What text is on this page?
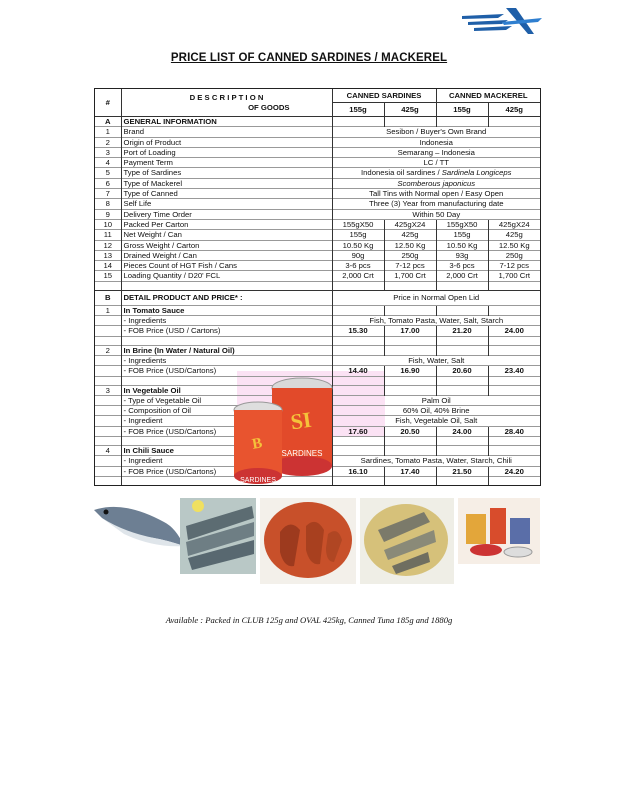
PRICE LIST OF CANNED SARDINES / MACKEREL
#	D E S C R I P T I O N
OF GOODS	CANNED SARDINES		CANNED MACKEREL	
		155g	425g	155g	425g
A	GENERAL INFORMATION				
1	Brand	Sesibon / Buyer's Own Brand			
2	Origin of Product	Indonesia			
3	Port of Loading	Semarang – Indonesia			
4	Payment Term	LC / TT			
5	Type of Sardines	Indonesia oil sardines / Sardinela Longiceps			
6	Type of Mackerel	Scomberous japonicus			
7	Type of Canned	Tall Tins with Normal open / Easy Open			
8	Self Life	Three (3) Year from manufacturing date			
9	Delivery Time Order	Within 50 Day			
10	Packed Per Carton	155gX50	425gX24	155gX50	425gX24
11	Net Weight / Can	155g	425g	155g	425g
12	Gross Weight / Carton	10.50 Kg	12.50 Kg	10.50 Kg	12.50 Kg
13	Drained Weight / Can	90g	250g	93g	250g
14	Pieces Count of HGT Fish / Cans	3-6 pcs	7-12 pcs	3-6 pcs	7-12 pcs
15	Loading Quantity / D20' FCL	2,000 Crt	1,700 Crt	2,000 Crt	1,700 Crt

B	DETAIL PRODUCT AND PRICE* :	Price in Normal Open Lid			
1	In Tomato Sauce				
	- Ingredients	Fish, Tomato Pasta, Water, Salt, Starch			
	- FOB Price (USD / Cartons)	15.30	17.00	21.20	24.00

2	In Brine (In Water / Natural Oil)				
	- Ingredients	Fish, Water, Salt			
	- FOB Price (USD/Cartons)	14.40	16.90	20.60	23.40

3	In Vegetable Oil				
	- Type of Vegetable Oil	Palm Oil			
	- Composition of Oil	60% Oil, 40% Brine			
	- Ingredient	Fish, Vegetable Oil, Salt			
	- FOB Price (USD/Cartons)	17.60	20.50	24.00	28.40

4	In Chili Sauce				
	- Ingredient	Sardines, Tomato Pasta, Water, Starch, Chili			
	- FOB Price (USD/Cartons)	16.10	17.40	21.50	24.20

SI
SARDINES
B
SARDINES
Available : Packed in CLUB 125g and OVAL 425kg, Canned Tuna 185g and 1880g
